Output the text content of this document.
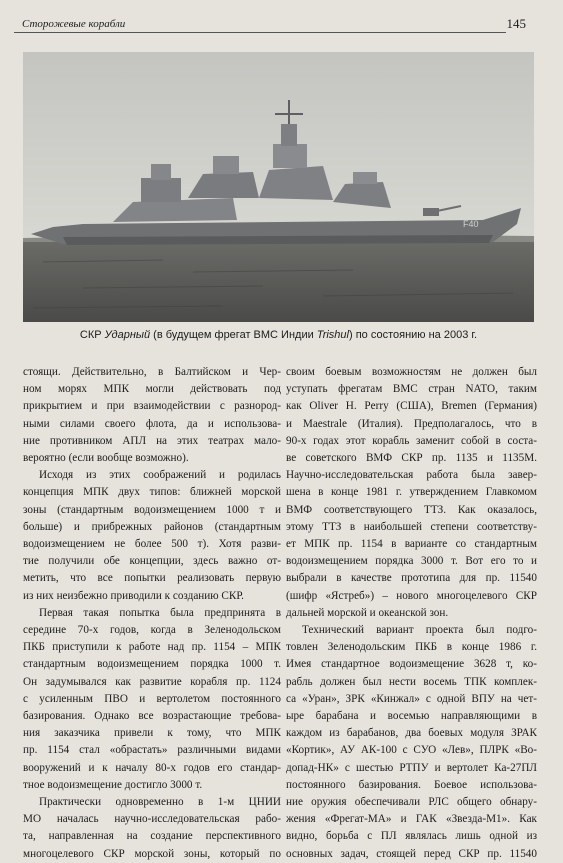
Сторожевые корабли	145
F40
СКР Ударный (в будущем фрегат ВМС Индии Trishul) по состоянию на 2003 г.
стоящи. Действительно, в Балтийском и Чер-
ном морях МПК могли действовать под
прикрытием и при взаимодействии с разнород-
ными силами своего флота, да и использова-
ние противником АПЛ на этих театрах мало-
вероятно (если вообще возможно).
Исходя из этих соображений и родилась
концепция МПК двух типов: ближней морской
зоны (стандартным водоизмещением 1000 т и
больше) и прибрежных районов (стандартным
водоизмещением не более 500 т). Хотя разви-
тие получили обе концепции, здесь важно от-
метить, что все попытки реализовать первую
из них неизбежно приводили к созданию СКР.
Первая такая попытка была предпринята в
середине 70-х годов, когда в Зеленодольском
ПКБ приступили к работе над пр. 1154 – МПК
стандартным водоизмещением порядка 1000 т.
Он задумывался как развитие корабля пр. 1124
с усиленным ПВО и вертолетом постоянного
базирования. Однако все возрастающие требова-
ния заказчика привели к тому, что МПК
пр. 1154 стал «обрастать» различными видами
вооружений и к началу 80-х годов его стандар-
тное водоизмещение достигло 3000 т.
Практически одновременно в 1-м ЦНИИ
МО началась научно-исследовательская рабо-
та, направленная на создание перспективного
многоцелевого СКР морской зоны, который по
своим боевым возможностям не должен был
уступать фрегатам ВМС стран NATO, таким
как Oliver H. Perry (США), Bremen (Германия)
и Maestrale (Италия). Предполагалось, что в
90-х годах этот корабль заменит собой в соста-
ве советского ВМФ СКР пр. 1135 и 1135М.
Научно-исследовательская работа была завер-
шена в конце 1981 г. утверждением Главкомом
ВМФ соответствующего ТТЗ. Как оказалось,
этому ТТЗ в наибольшей степени соответству-
ет МПК пр. 1154 в варианте со стандартным
водоизмещением порядка 3000 т. Вот его то и
выбрали в качестве прототипа для пр. 11540
(шифр «Ястреб») – нового многоцелевого СКР
дальней морской и океанской зон.
Технический вариант проекта был подго-
товлен Зеленодольским ПКБ в конце 1986 г.
Имея стандартное водоизмещение 3628 т, ко-
рабль должен был нести восемь ТПК комплек-
са «Уран», ЗРК «Кинжал» с одной ВПУ на чет-
ыре барабана и восемью направляющими в
каждом из барабанов, два боевых модуля ЗРАК
«Кортик», АУ АК-100 с СУО «Лев», ПЛРК «Во-
допад-НК» с шестью РТПУ и вертолет Ка-27ПЛ
постоянного базирования. Боевое использова-
ние оружия обеспечивали РЛС общего обнару-
жения «Фрегат-МА» и ГАК «Звезда-М1». Как
видно, борьба с ПЛ являлась лишь одной из
основных задач, стоящей перед СКР пр. 11540
